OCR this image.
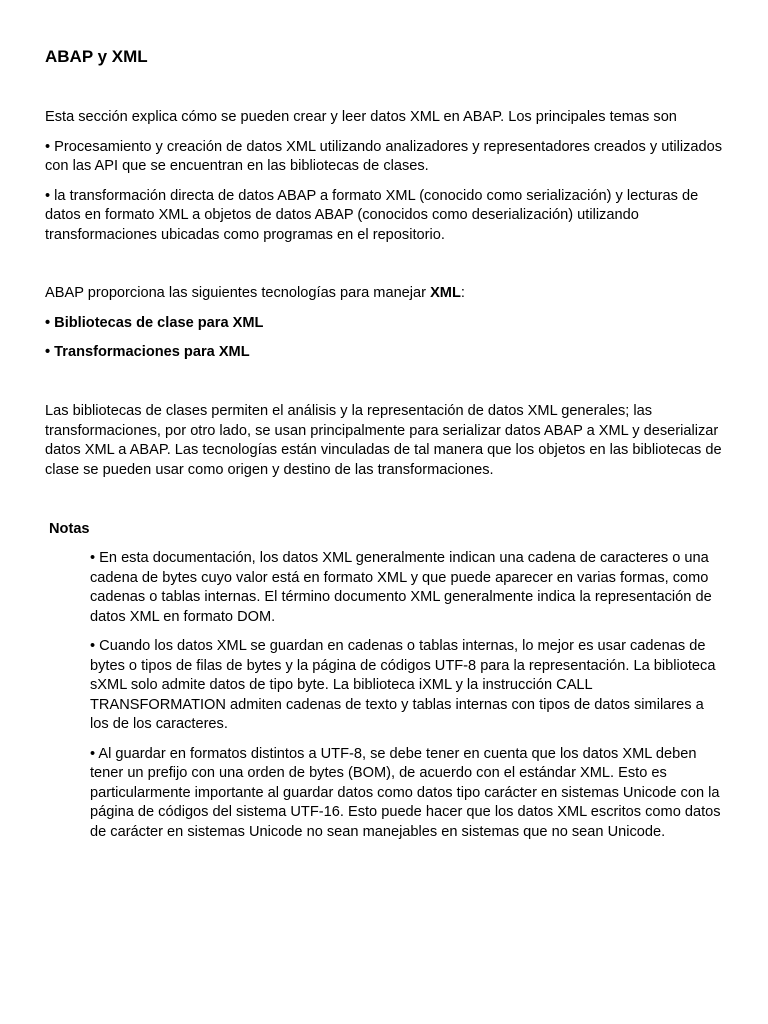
ABAP y XML

Esta sección explica cómo se pueden crear y leer datos XML en ABAP. Los principales temas son

• Procesamiento y creación de datos XML utilizando analizadores y representadores creados y utilizados con las API que se encuentran en las bibliotecas de clases.

• la transformación directa de datos ABAP a formato XML (conocido como serialización) y lecturas de datos en formato XML a objetos de datos ABAP (conocidos como deserialización) utilizando transformaciones ubicadas como programas en el repositorio.

ABAP proporciona las siguientes tecnologías para manejar XML:

• Bibliotecas de clase para XML

• Transformaciones para XML

Las bibliotecas de clases permiten el análisis y la representación de datos XML generales; las transformaciones, por otro lado, se usan principalmente para serializar datos ABAP a XML y deserializar datos XML a ABAP. Las tecnologías están vinculadas de tal manera que los objetos en las bibliotecas de clase se pueden usar como origen y destino de las transformaciones.

Notas

• En esta documentación, los datos XML generalmente indican una cadena de caracteres o una cadena de bytes cuyo valor está en formato XML y que puede aparecer en varias formas, como cadenas o tablas internas. El término documento XML generalmente indica la representación de datos XML en formato DOM.

• Cuando los datos XML se guardan en cadenas o tablas internas, lo mejor es usar cadenas de bytes o tipos de filas de bytes y la página de códigos UTF-8 para la representación. La biblioteca sXML solo admite datos de tipo byte. La biblioteca iXML y la instrucción CALL TRANSFORMATION admiten cadenas de texto y tablas internas con tipos de datos similares a los de los caracteres.

• Al guardar en formatos distintos a UTF-8, se debe tener en cuenta que los datos XML deben tener un prefijo con una orden de bytes (BOM), de acuerdo con el estándar XML. Esto es particularmente importante al guardar datos como datos tipo carácter en sistemas Unicode con la página de códigos del sistema UTF-16. Esto puede hacer que los datos XML escritos como datos de carácter en sistemas Unicode no sean manejables en sistemas que no sean Unicode.
